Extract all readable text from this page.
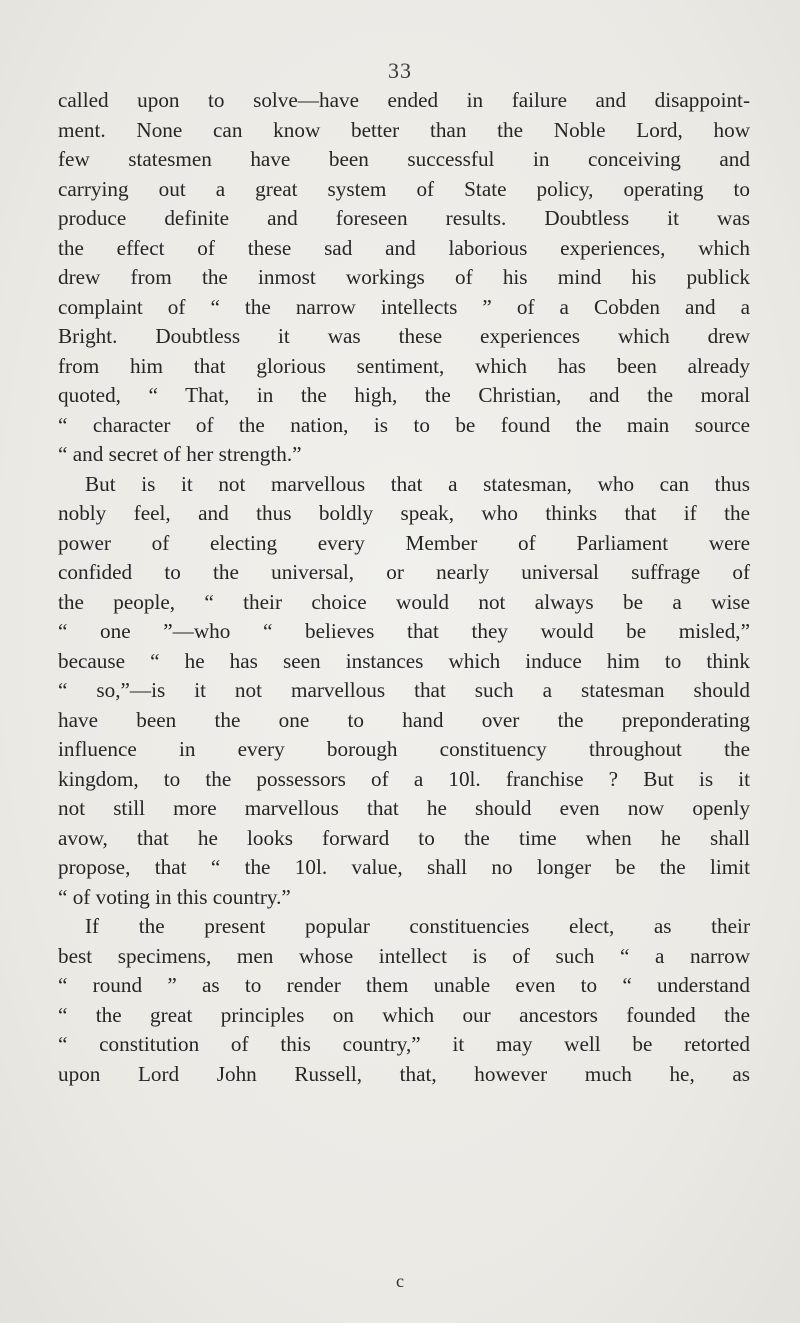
33
called upon to solve—have ended in failure and disappoint-
ment. None can know better than the Noble Lord, how
few statesmen have been successful in conceiving and
carrying out a great system of State policy, operating to
produce definite and foreseen results. Doubtless it was
the effect of these sad and laborious experiences, which
drew from the inmost workings of his mind his publick
complaint of “ the narrow intellects ” of a Cobden and a
Bright. Doubtless it was these experiences which drew
from him that glorious sentiment, which has been already
quoted, “ That, in the high, the Christian, and the moral
“ character of the nation, is to be found the main source
“ and secret of her strength.”
But is it not marvellous that a statesman, who can thus
nobly feel, and thus boldly speak, who thinks that if the
power of electing every Member of Parliament were
confided to the universal, or nearly universal suffrage of
the people, “ their choice would not always be a wise
“ one ”—who “ believes that they would be misled,”
because “ he has seen instances which induce him to think
“ so,”—is it not marvellous that such a statesman should
have been the one to hand over the preponderating
influence in every borough constituency throughout the
kingdom, to the possessors of a 10l. franchise ? But is it
not still more marvellous that he should even now openly
avow, that he looks forward to the time when he shall
propose, that “ the 10l. value, shall no longer be the limit
“ of voting in this country.”
If the present popular constituencies elect, as their
best specimens, men whose intellect is of such “ a narrow
“ round ” as to render them unable even to “ understand
“ the great principles on which our ancestors founded the
“ constitution of this country,” it may well be retorted
upon Lord John Russell, that, however much he, as
c
